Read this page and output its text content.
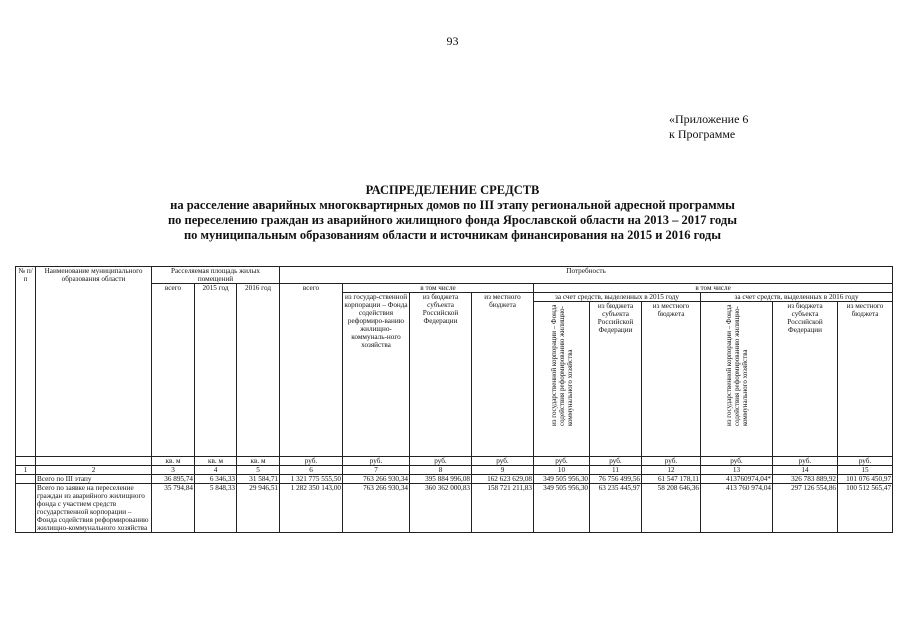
93
«Приложение 6
к Программе
РАСПРЕДЕЛЕНИЕ СРЕДСТВ
на расселение аварийных многоквартирных домов по III этапу региональной адресной программы
по переселению граждан из аварийного жилищного фонда Ярославской области на 2013 – 2017 годы
по муниципальным образованиям области и источникам финансирования на 2015 и 2016 годы
№ п/п	Наименование муниципального образования области	Расселяемая площадь жилых помещений			Потребность									
		всего	2015 год	2016 год	всего	в том числе			в том числе					
						из государ-ственной корпорации – Фонда содействия реформиро-ванию жилищно-коммуналь-ного хозяйства	из бюджета субъекта Российской Федерации	из местного бюджета	за счет средств, выделенных в 2015 году			за счет средств, выделенных в 2016 году		

									из государственной корпорации – Фонда содействия реформированию жилищно-коммунального хозяйства	из бюджета субъекта Российской Федерации	из местного бюджета	из государственной корпорации – Фонда содействия реформированию жилищно-коммунального хозяйства	из бюджета субъекта Российской Федерации	из местного бюджета
		кв. м	кв. м	кв. м	руб.	руб.	руб.	руб.	руб.	руб.	руб.	руб.	руб.	руб.
1	2	3	4	5	6	7	8	9	10	11	12	13	14	15
	Всего по III этапу	36 895,74	6 346,33	31 584,71	1 321 775 555,50	763 266 930,34	395 884 996,08	162 623 629,08	349 505 956,30	76 756 499,56	61 547 178,11	413760974,04*	326 783 889,92	101 076 450,97
	Всего по заявке на переселение граждан из аварийного жилищного фонда с участием средств государственной корпорации – Фонда содействия реформированию жилищно-коммунального хозяйства	35 794,84	5 848,33	29 946,51	1 282 350 143,00	763 266 930,34	360 362 000,83	158 721 211,83	349 505 956,30	63 235 445,97	58 208 646,36	413 760 974,04	297 126 554,86	100 512 565,47
